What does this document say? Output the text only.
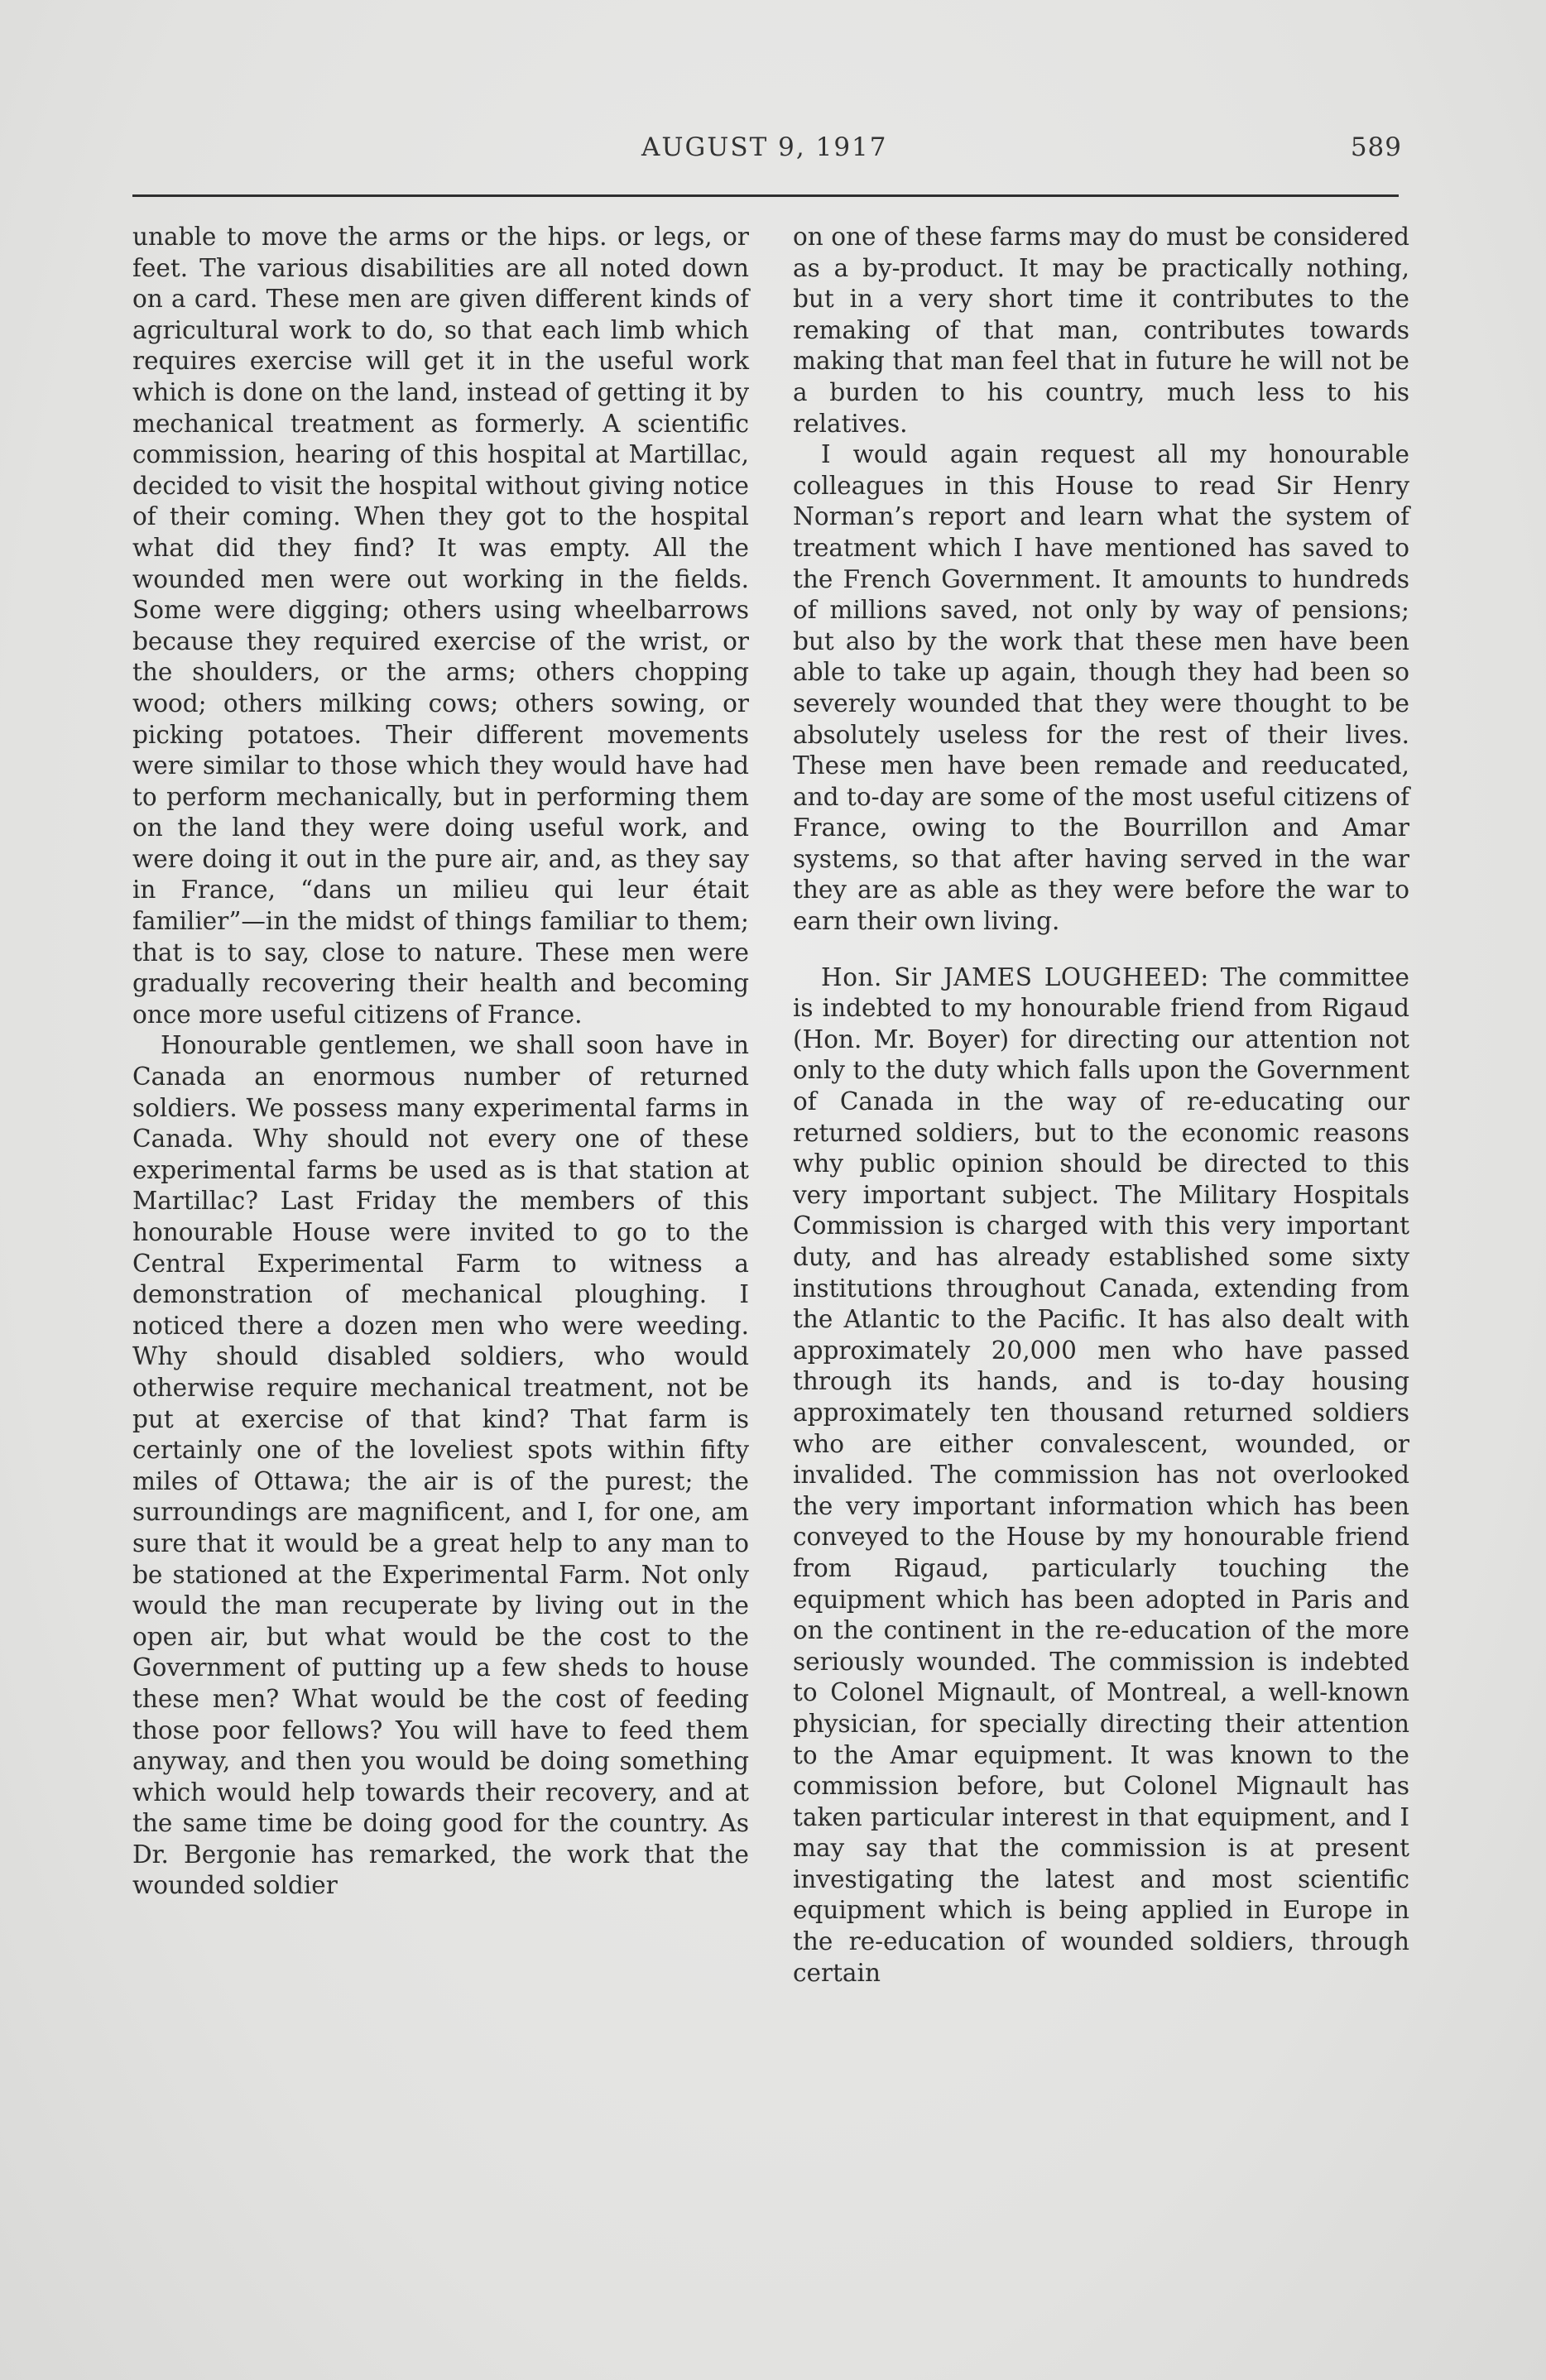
AUGUST 9, 1917	589

unable to move the arms or the hips. or legs, or feet. The various disabilities are all noted down on a card. These men are given different kinds of agricultural work to do, so that each limb which requires exercise will get it in the useful work which is done on the land, instead of getting it by mechanical treatment as formerly. A scientific commission, hearing of this hospital at Martillac, decided to visit the hospital without giving notice of their coming. When they got to the hospital what did they find? It was empty. All the wounded men were out working in the fields. Some were digging; others using wheelbarrows because they required exercise of the wrist, or the shoulders, or the arms; others chopping wood; others milking cows; others sowing, or picking potatoes. Their different movements were similar to those which they would have had to perform mechanically, but in performing them on the land they were doing useful work, and were doing it out in the pure air, and, as they say in France, “dans un milieu qui leur était familier”—in the midst of things familiar to them; that is to say, close to nature. These men were gradually recovering their health and becoming once more useful citizens of France.

Honourable gentlemen, we shall soon have in Canada an enormous number of returned soldiers. We possess many experimental farms in Canada. Why should not every one of these experimental farms be used as is that station at Martillac? Last Friday the members of this honourable House were invited to go to the Central Experimental Farm to witness a demonstration of mechanical ploughing. I noticed there a dozen men who were weeding. Why should disabled soldiers, who would otherwise require mechanical treatment, not be put at exercise of that kind? That farm is certainly one of the loveliest spots within fifty miles of Ottawa; the air is of the purest; the surroundings are magnificent, and I, for one, am sure that it would be a great help to any man to be stationed at the Experimental Farm. Not only would the man recuperate by living out in the open air, but what would be the cost to the Government of putting up a few sheds to house these men? What would be the cost of feeding those poor fellows? You will have to feed them anyway, and then you would be doing something which would help towards their recovery, and at the same time be doing good for the country. As Dr. Bergonie has remarked, the work that the wounded soldier

on one of these farms may do must be considered as a by-product. It may be practically nothing, but in a very short time it contributes to the remaking of that man, contributes towards making that man feel that in future he will not be a burden to his country, much less to his relatives.

I would again request all my honourable colleagues in this House to read Sir Henry Norman’s report and learn what the system of treatment which I have mentioned has saved to the French Government. It amounts to hundreds of millions saved, not only by way of pensions; but also by the work that these men have been able to take up again, though they had been so severely wounded that they were thought to be absolutely useless for the rest of their lives. These men have been remade and reeducated, and to-day are some of the most useful citizens of France, owing to the Bourrillon and Amar systems, so that after having served in the war they are as able as they were before the war to earn their own living.

Hon. Sir JAMES LOUGHEED: The committee is indebted to my honourable friend from Rigaud (Hon. Mr. Boyer) for directing our attention not only to the duty which falls upon the Government of Canada in the way of re-educating our returned soldiers, but to the economic reasons why public opinion should be directed to this very important subject. The Military Hospitals Commission is charged with this very important duty, and has already established some sixty institutions throughout Canada, extending from the Atlantic to the Pacific. It has also dealt with approximately 20,000 men who have passed through its hands, and is to-day housing approximately ten thousand returned soldiers who are either convalescent, wounded, or invalided. The commission has not overlooked the very important information which has been conveyed to the House by my honourable friend from Rigaud, particularly touching the equipment which has been adopted in Paris and on the continent in the re-education of the more seriously wounded. The commission is indebted to Colonel Mignault, of Montreal, a well-known physician, for specially directing their attention to the Amar equipment. It was known to the commission before, but Colonel Mignault has taken particular interest in that equipment, and I may say that the commission is at present investigating the latest and most scientific equipment which is being applied in Europe in the re-education of wounded soldiers, through certain
